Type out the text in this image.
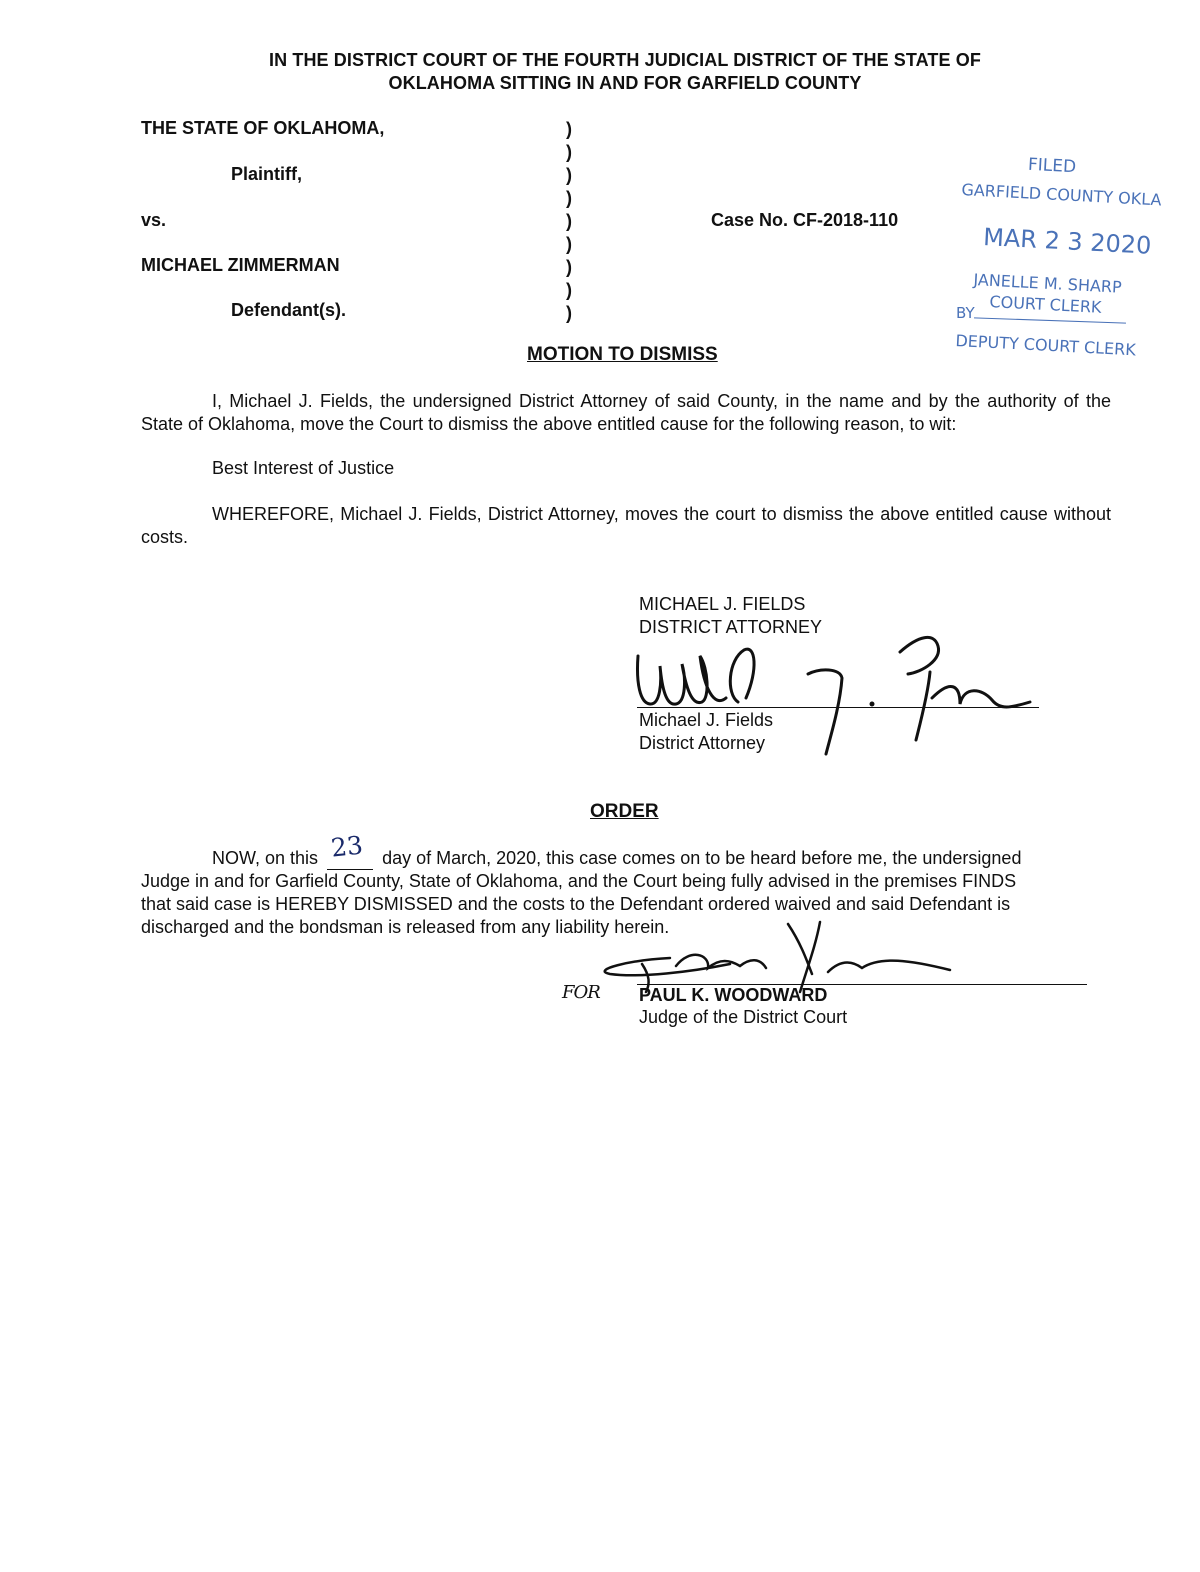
IN THE DISTRICT COURT OF THE FOURTH JUDICIAL DISTRICT OF THE STATE OF
OKLAHOMA SITTING IN AND FOR GARFIELD COUNTY
THE STATE OF OKLAHOMA,
Plaintiff,
vs.
MICHAEL ZIMMERMAN
Defendant(s).
)
)
)
)
)
)
)
)
)
Case No. CF-2018-110
FILED
GARFIELD COUNTY OKLA
MAR 2 3 2020
JANELLE M. SHARP
COURT CLERK
BY
DEPUTY COURT CLERK
MOTION TO DISMISS
I, Michael J. Fields, the undersigned District Attorney of said County, in the name and by the authority of the State of Oklahoma, move the Court to dismiss the above entitled cause for the following reason, to wit:
Best Interest of Justice
WHEREFORE, Michael J. Fields, District Attorney, moves the court to dismiss the above entitled cause without costs.
MICHAEL J. FIELDS
DISTRICT ATTORNEY
Michael J. Fields
District Attorney
ORDER
NOW, on this 23 day of March, 2020, this case comes on to be heard before me, the undersigned
Judge in and for Garfield County, State of Oklahoma, and the Court being fully advised in the premises FINDS
that said case is HEREBY DISMISSED and the costs to the Defendant ordered waived and said Defendant is
discharged and the bondsman is released from any liability herein.
FOR PAUL K. WOODWARD
Judge of the District Court
